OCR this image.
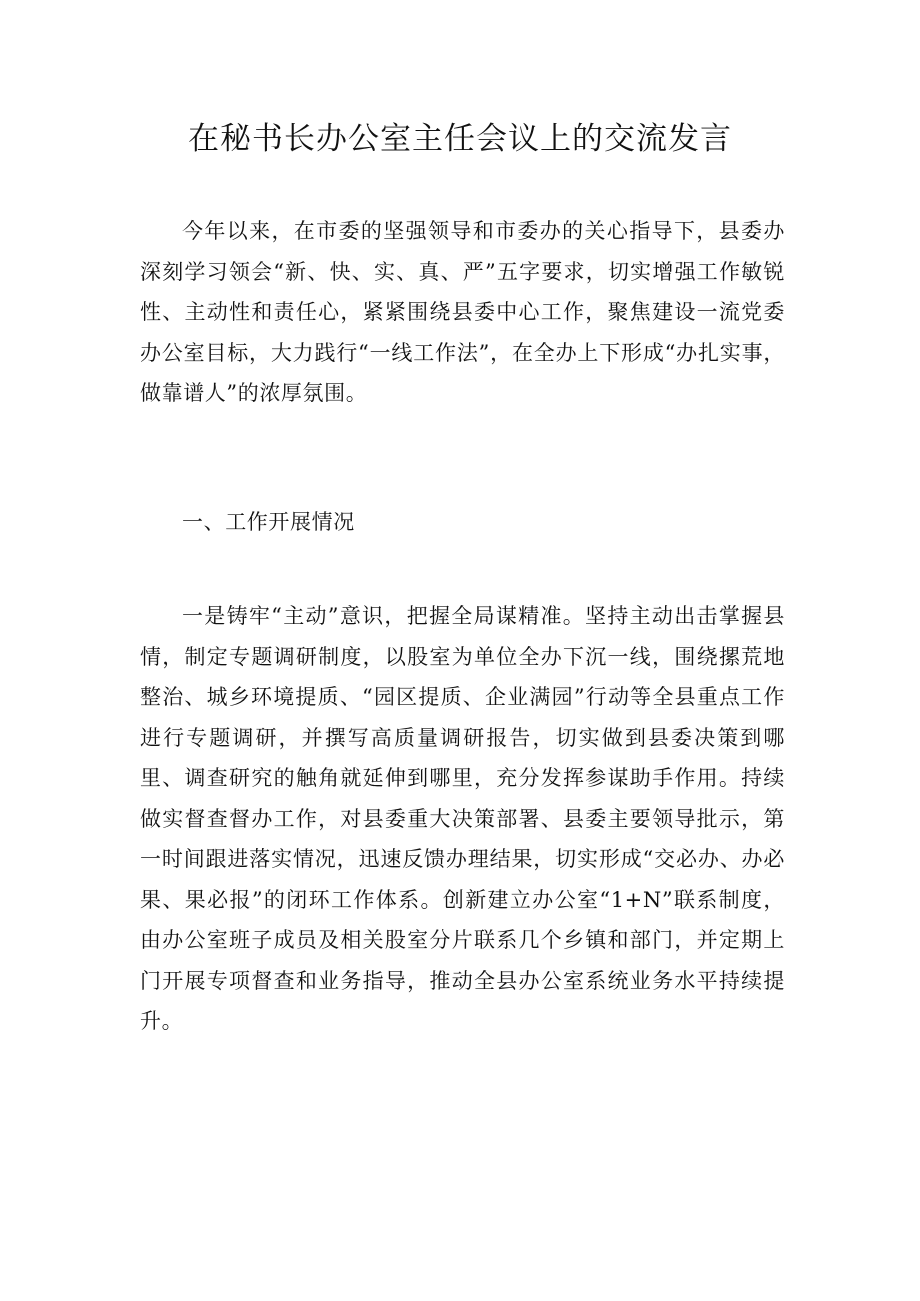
在秘书长办公室主任会议上的交流发言

今年以来，在市委的坚强领导和市委办的关心指导下，县委办深刻学习领会“新、快、实、真、严”五字要求，切实增强工作敏锐性、主动性和责任心，紧紧围绕县委中心工作，聚焦建设一流党委办公室目标，大力践行“一线工作法”，在全办上下形成“办扎实事，做靠谱人”的浓厚氛围。

一、工作开展情况

一是铸牢“主动”意识，把握全局谋精准。坚持主动出击掌握县情，制定专题调研制度，以股室为单位全办下沉一线，围绕摞荒地整治、城乡环境提质、“园区提质、企业满园”行动等全县重点工作进行专题调研，并撰写高质量调研报告，切实做到县委决策到哪里、调查研究的触角就延伸到哪里，充分发挥参谋助手作用。持续做实督查督办工作，对县委重大决策部署、县委主要领导批示，第一时间跟进落实情况，迅速反馈办理结果，切实形成“交必办、办必果、果必报”的闭环工作体系。创新建立办公室“1+N”联系制度，由办公室班子成员及相关股室分片联系几个乡镇和部门，并定期上门开展专项督查和业务指导，推动全县办公室系统业务水平持续提升。
